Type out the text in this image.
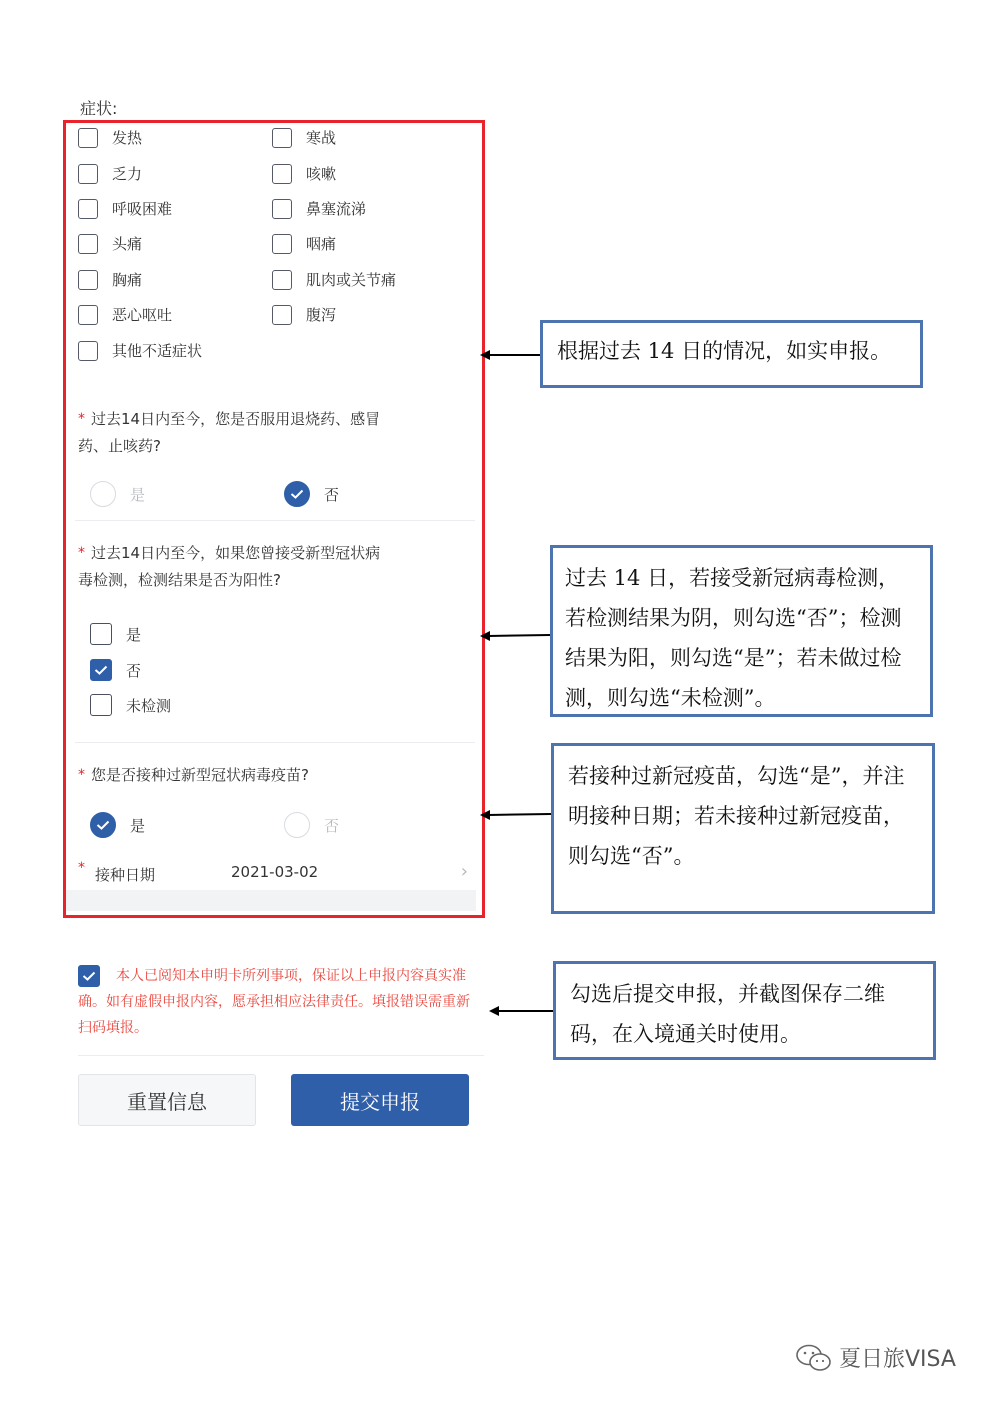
症状:
发热	寒战
乏力	咳嗽
呼吸困难	鼻塞流涕
头痛	咽痛
胸痛	肌肉或关节痛
恶心呕吐	腹泻
其他不适症状
* 过去14日内至今，您是否服用退烧药、感冒
药、止咳药?
是	否
* 过去14日内至今，如果您曾接受新型冠状病
毒检测，检测结果是否为阳性?
是
否
未检测
* 您是否接种过新型冠状病毒疫苗?
是	否
* 接种日期	2021-03-02	›
本人已阅知本申明卡所列事项，保证以上申报内容真实准确。如有虚假申报内容，愿承担相应法律责任。填报错误需重新扫码填报。
重置信息	提交申报
根据过去 14 日的情况，如实申报。
过去 14 日，若接受新冠病毒检测，若检测结果为阴，则勾选“否”；检测结果为阳，则勾选“是”；若未做过检测，则勾选“未检测”。
若接种过新冠疫苗，勾选“是”，并注明接种日期；若未接种过新冠疫苗，则勾选“否”。
勾选后提交申报，并截图保存二维码，在入境通关时使用。
夏日旅VISA
